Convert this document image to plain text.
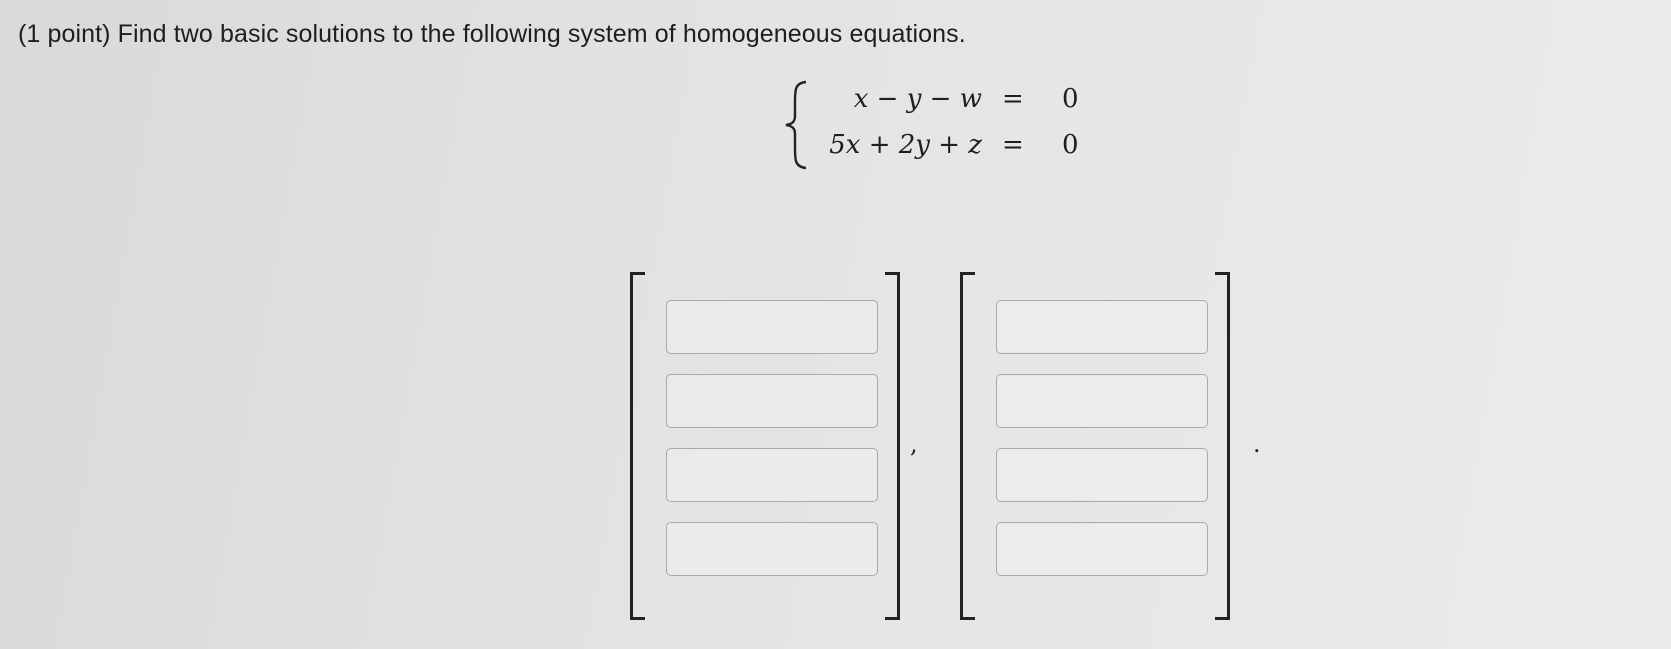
(1 point) Find two basic solutions to the following system of homogeneous equations.
x − y − w = 0
5x + 2y + z = 0
,	.
